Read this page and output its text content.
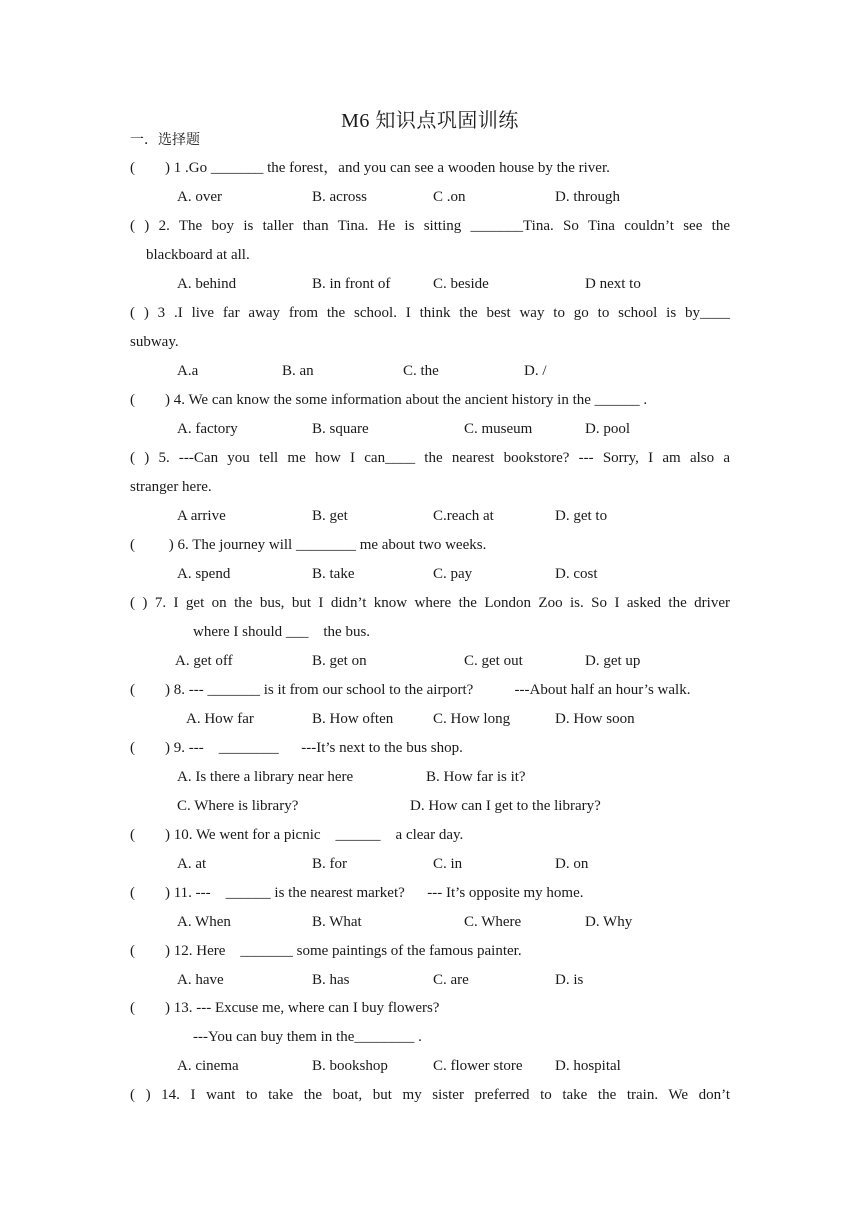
M6 知识点巩固训练
一．选择题
(        ) 1 .Go _______ the forest，and you can see a wooden house by the river.
A. over	B. across	C .on	D. through
( ) 2. The boy is taller than Tina. He is sitting _______Tina. So Tina couldn’t see the
blackboard at all.
A. behind	B. in front of	C. beside	D next to
( ) 3 .I live far away from the school. I think the best way to go to school is by____
subway.
A.a	B. an	C. the	D. /
(        ) 4. We can know the some information about the ancient history in the ______ .
A. factory	B. square	C. museum	D. pool
( ) 5. ---Can you tell me how I can____ the nearest bookstore? --- Sorry, I am also a
stranger here.
A arrive	B. get	C.reach at	D. get to
(         ) 6. The journey will ________ me about two weeks.
A. spend	B. take	C. pay	D. cost
( ) 7. I get on the bus, but I didn’t know where the London Zoo is. So I asked the driver
where I should ___    the bus.
A. get off	B. get on	C. get out	D. get up
(        ) 8. --- _______ is it from our school to the airport?           ---About half an hour’s walk.
A. How far	B. How often	C. How long	D. How soon
(        ) 9. ---    ________      ---It’s next to the bus shop.
A. Is there a library near here	B. How far is it?
C. Where is library?	D. How can I get to the library?
(        ) 10. We went for a picnic    ______    a clear day.
A. at	B. for	C. in	D. on
(        ) 11. ---    ______ is the nearest market?      --- It’s opposite my home.
A. When	B. What	C. Where	D. Why
(        ) 12. Here    _______ some paintings of the famous painter.
A. have	B. has	C. are	D. is
(        ) 13. --- Excuse me, where can I buy flowers?
---You can buy them in the________ .
A. cinema	B. bookshop	C. flower store D. hospital
( ) 14. I want to take the boat, but my sister preferred to take the train. We don’t
